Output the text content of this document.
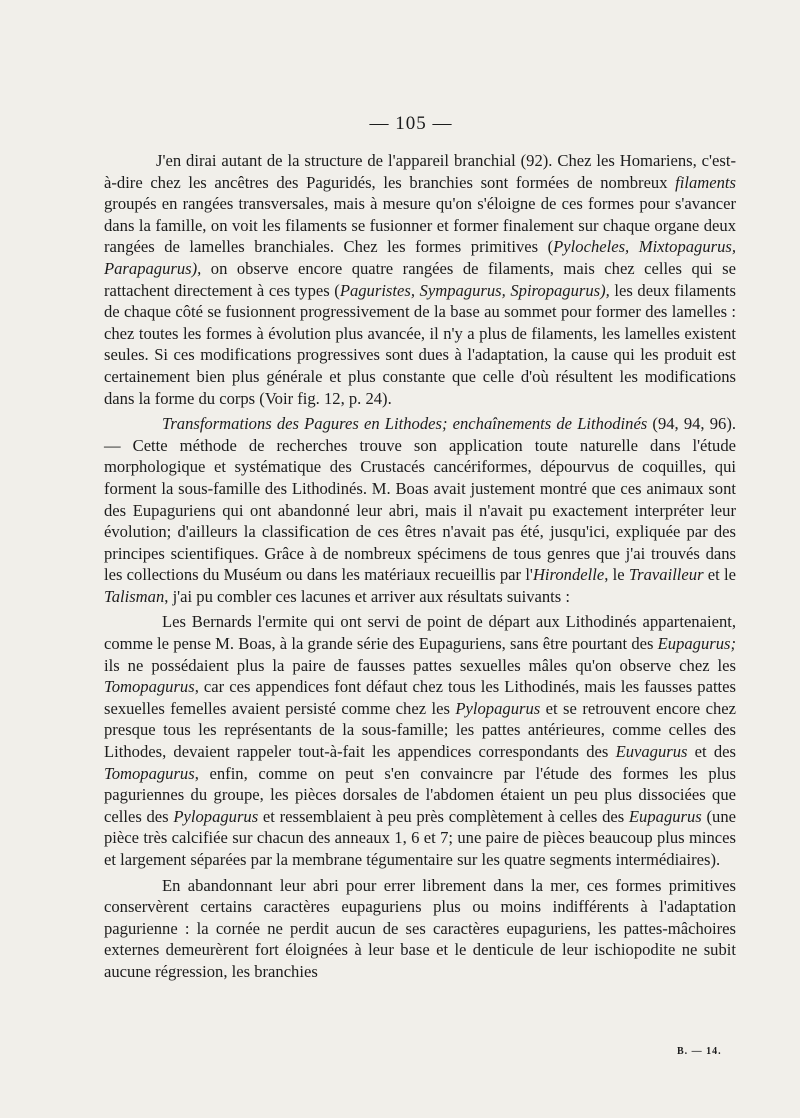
— 105 —

J'en dirai autant de la structure de l'appareil branchial (92). Chez les Homariens, c'est-à-dire chez les ancêtres des Paguridés, les branchies sont formées de nombreux filaments groupés en rangées transversales, mais à mesure qu'on s'éloigne de ces formes pour s'avancer dans la famille, on voit les filaments se fusionner et former finalement sur chaque organe deux rangées de lamelles branchiales. Chez les formes primitives (Pylocheles, Mixtopagurus, Parapagurus), on observe encore quatre rangées de filaments, mais chez celles qui se rattachent directement à ces types (Paguristes, Sympagurus, Spiropagurus), les deux filaments de chaque côté se fusionnent progressivement de la base au sommet pour former des lamelles : chez toutes les formes à évolution plus avancée, il n'y a plus de filaments, les lamelles existent seules. Si ces modifications progressives sont dues à l'adaptation, la cause qui les produit est certainement bien plus générale et plus constante que celle d'où résultent les modifications dans la forme du corps (Voir fig. 12, p. 24).

Transformations des Pagures en Lithodes; enchaînements de Lithodinés (94, 94, 96). — Cette méthode de recherches trouve son application toute naturelle dans l'étude morphologique et systématique des Crustacés cancériformes, dépourvus de coquilles, qui forment la sous-famille des Lithodinés. M. Boas avait justement montré que ces animaux sont des Eupaguriens qui ont abandonné leur abri, mais il n'avait pu exactement interpréter leur évolution; d'ailleurs la classification de ces êtres n'avait pas été, jusqu'ici, expliquée par des principes scientifiques. Grâce à de nombreux spécimens de tous genres que j'ai trouvés dans les collections du Muséum ou dans les matériaux recueillis par l'Hirondelle, le Travailleur et le Talisman, j'ai pu combler ces lacunes et arriver aux résultats suivants :

Les Bernards l'ermite qui ont servi de point de départ aux Lithodinés appartenaient, comme le pense M. Boas, à la grande série des Eupaguriens, sans être pourtant des Eupagurus; ils ne possédaient plus la paire de fausses pattes sexuelles mâles qu'on observe chez les Tomopagurus, car ces appendices font défaut chez tous les Lithodinés, mais les fausses pattes sexuelles femelles avaient persisté comme chez les Pylopagurus et se retrouvent encore chez presque tous les représentants de la sous-famille; les pattes antérieures, comme celles des Lithodes, devaient rappeler tout-à-fait les appendices correspondants des Euvagurus et des Tomopagurus, enfin, comme on peut s'en convaincre par l'étude des formes les plus paguriennes du groupe, les pièces dorsales de l'abdomen étaient un peu plus dissociées que celles des Pylopagurus et ressemblaient à peu près complètement à celles des Eupagurus (une pièce très calcifiée sur chacun des anneaux 1, 6 et 7; une paire de pièces beaucoup plus minces et largement séparées par la membrane tégumentaire sur les quatre segments intermédiaires).

En abandonnant leur abri pour errer librement dans la mer, ces formes primitives conservèrent certains caractères eupaguriens plus ou moins indifférents à l'adaptation pagurienne : la cornée ne perdit aucun de ses caractères eupaguriens, les pattes-mâchoires externes demeurèrent fort éloignées à leur base et le denticule de leur ischiopodite ne subit aucune régression, les branchies

B. — 14.
